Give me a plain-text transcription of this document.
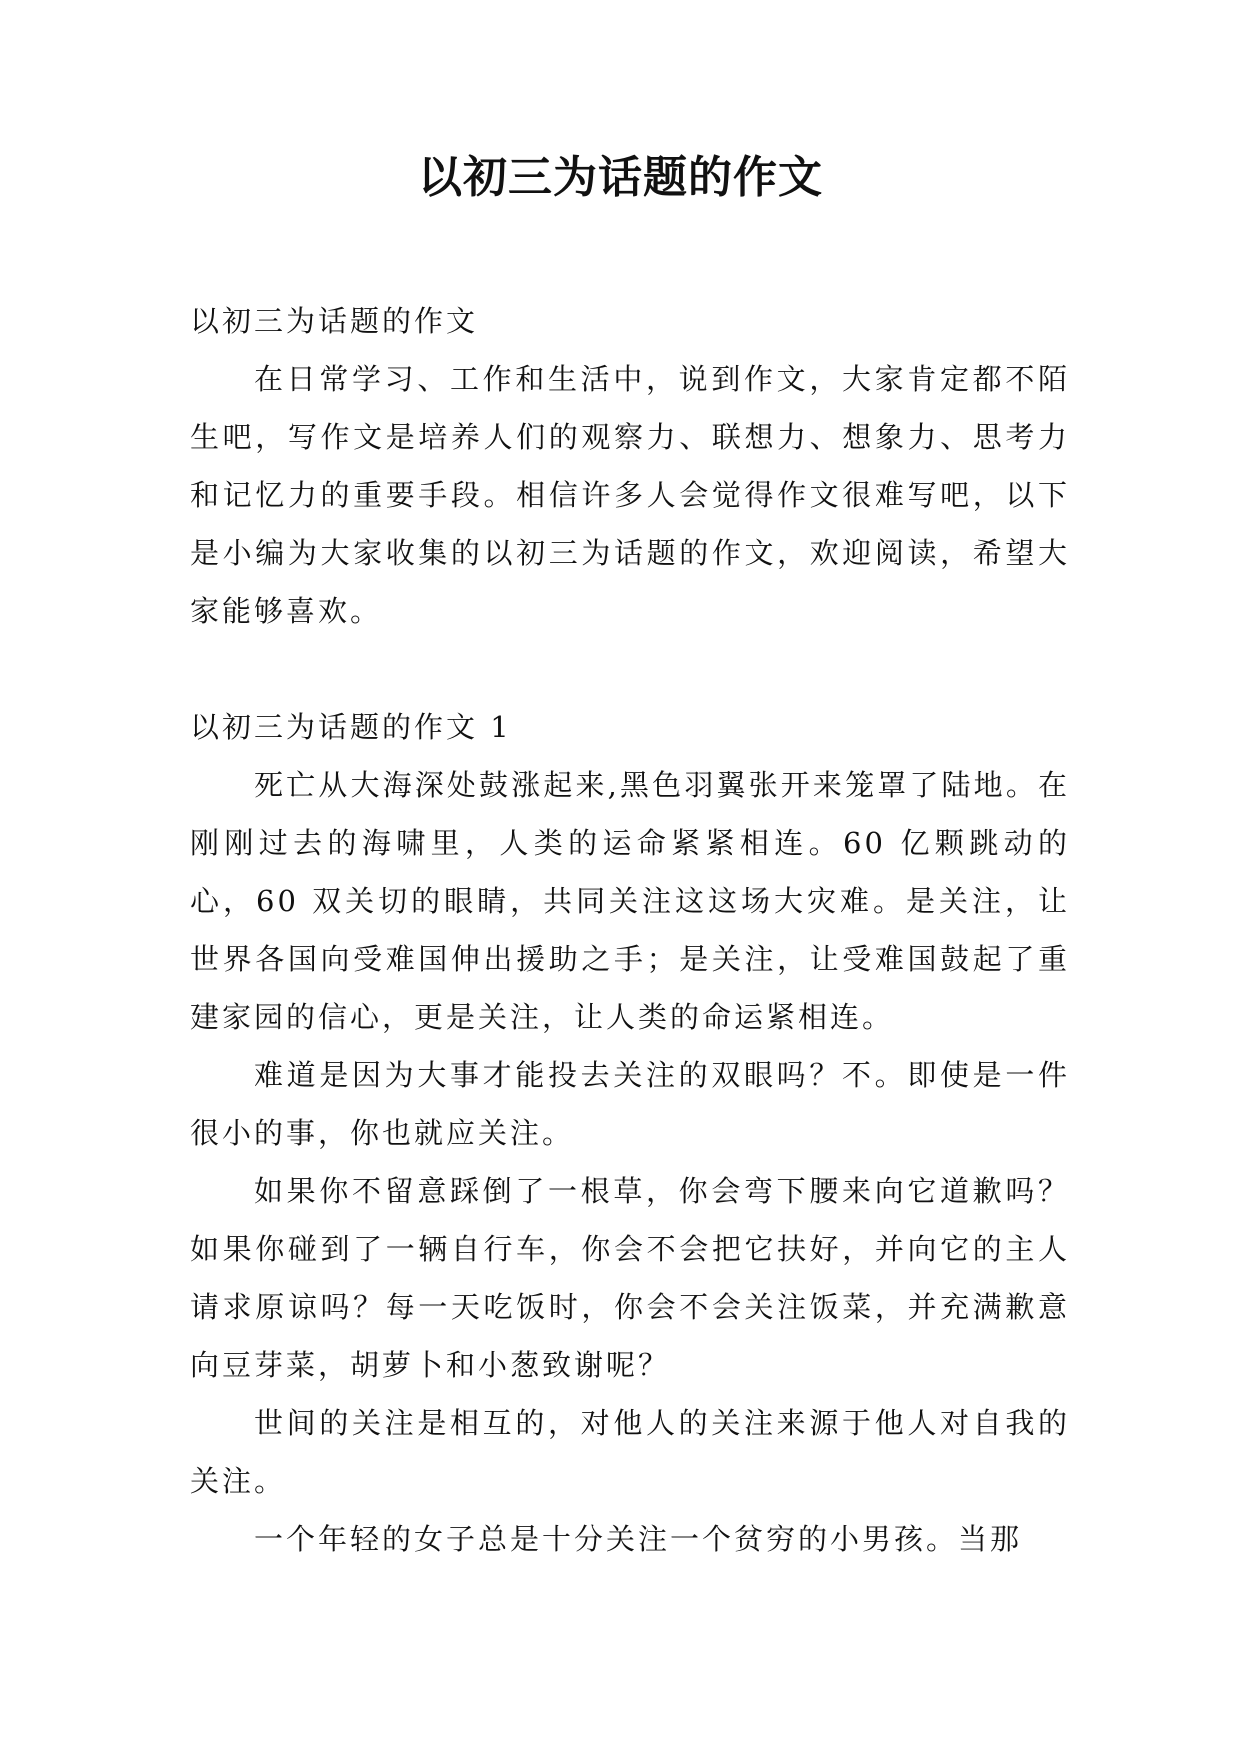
以初三为话题的作文

以初三为话题的作文

在日常学习、工作和生活中，说到作文，大家肯定都不陌生吧，写作文是培养人们的观察力、联想力、想象力、思考力和记忆力的重要手段。相信许多人会觉得作文很难写吧，以下是小编为大家收集的以初三为话题的作文，欢迎阅读，希望大家能够喜欢。

以初三为话题的作文 1

死亡从大海深处鼓涨起来,黑色羽翼张开来笼罩了陆地。在刚刚过去的海啸里，人类的运命紧紧相连。60 亿颗跳动的心，60 双关切的眼睛，共同关注这这场大灾难。是关注，让世界各国向受难国伸出援助之手；是关注，让受难国鼓起了重建家园的信心，更是关注，让人类的命运紧相连。

难道是因为大事才能投去关注的双眼吗？不。即使是一件很小的事，你也就应关注。

如果你不留意踩倒了一根草，你会弯下腰来向它道歉吗？如果你碰到了一辆自行车，你会不会把它扶好，并向它的主人请求原谅吗？每一天吃饭时，你会不会关注饭菜，并充满歉意向豆芽菜，胡萝卜和小葱致谢呢？

世间的关注是相互的，对他人的关注来源于他人对自我的关注。

一个年轻的女子总是十分关注一个贫穷的小男孩。当那
